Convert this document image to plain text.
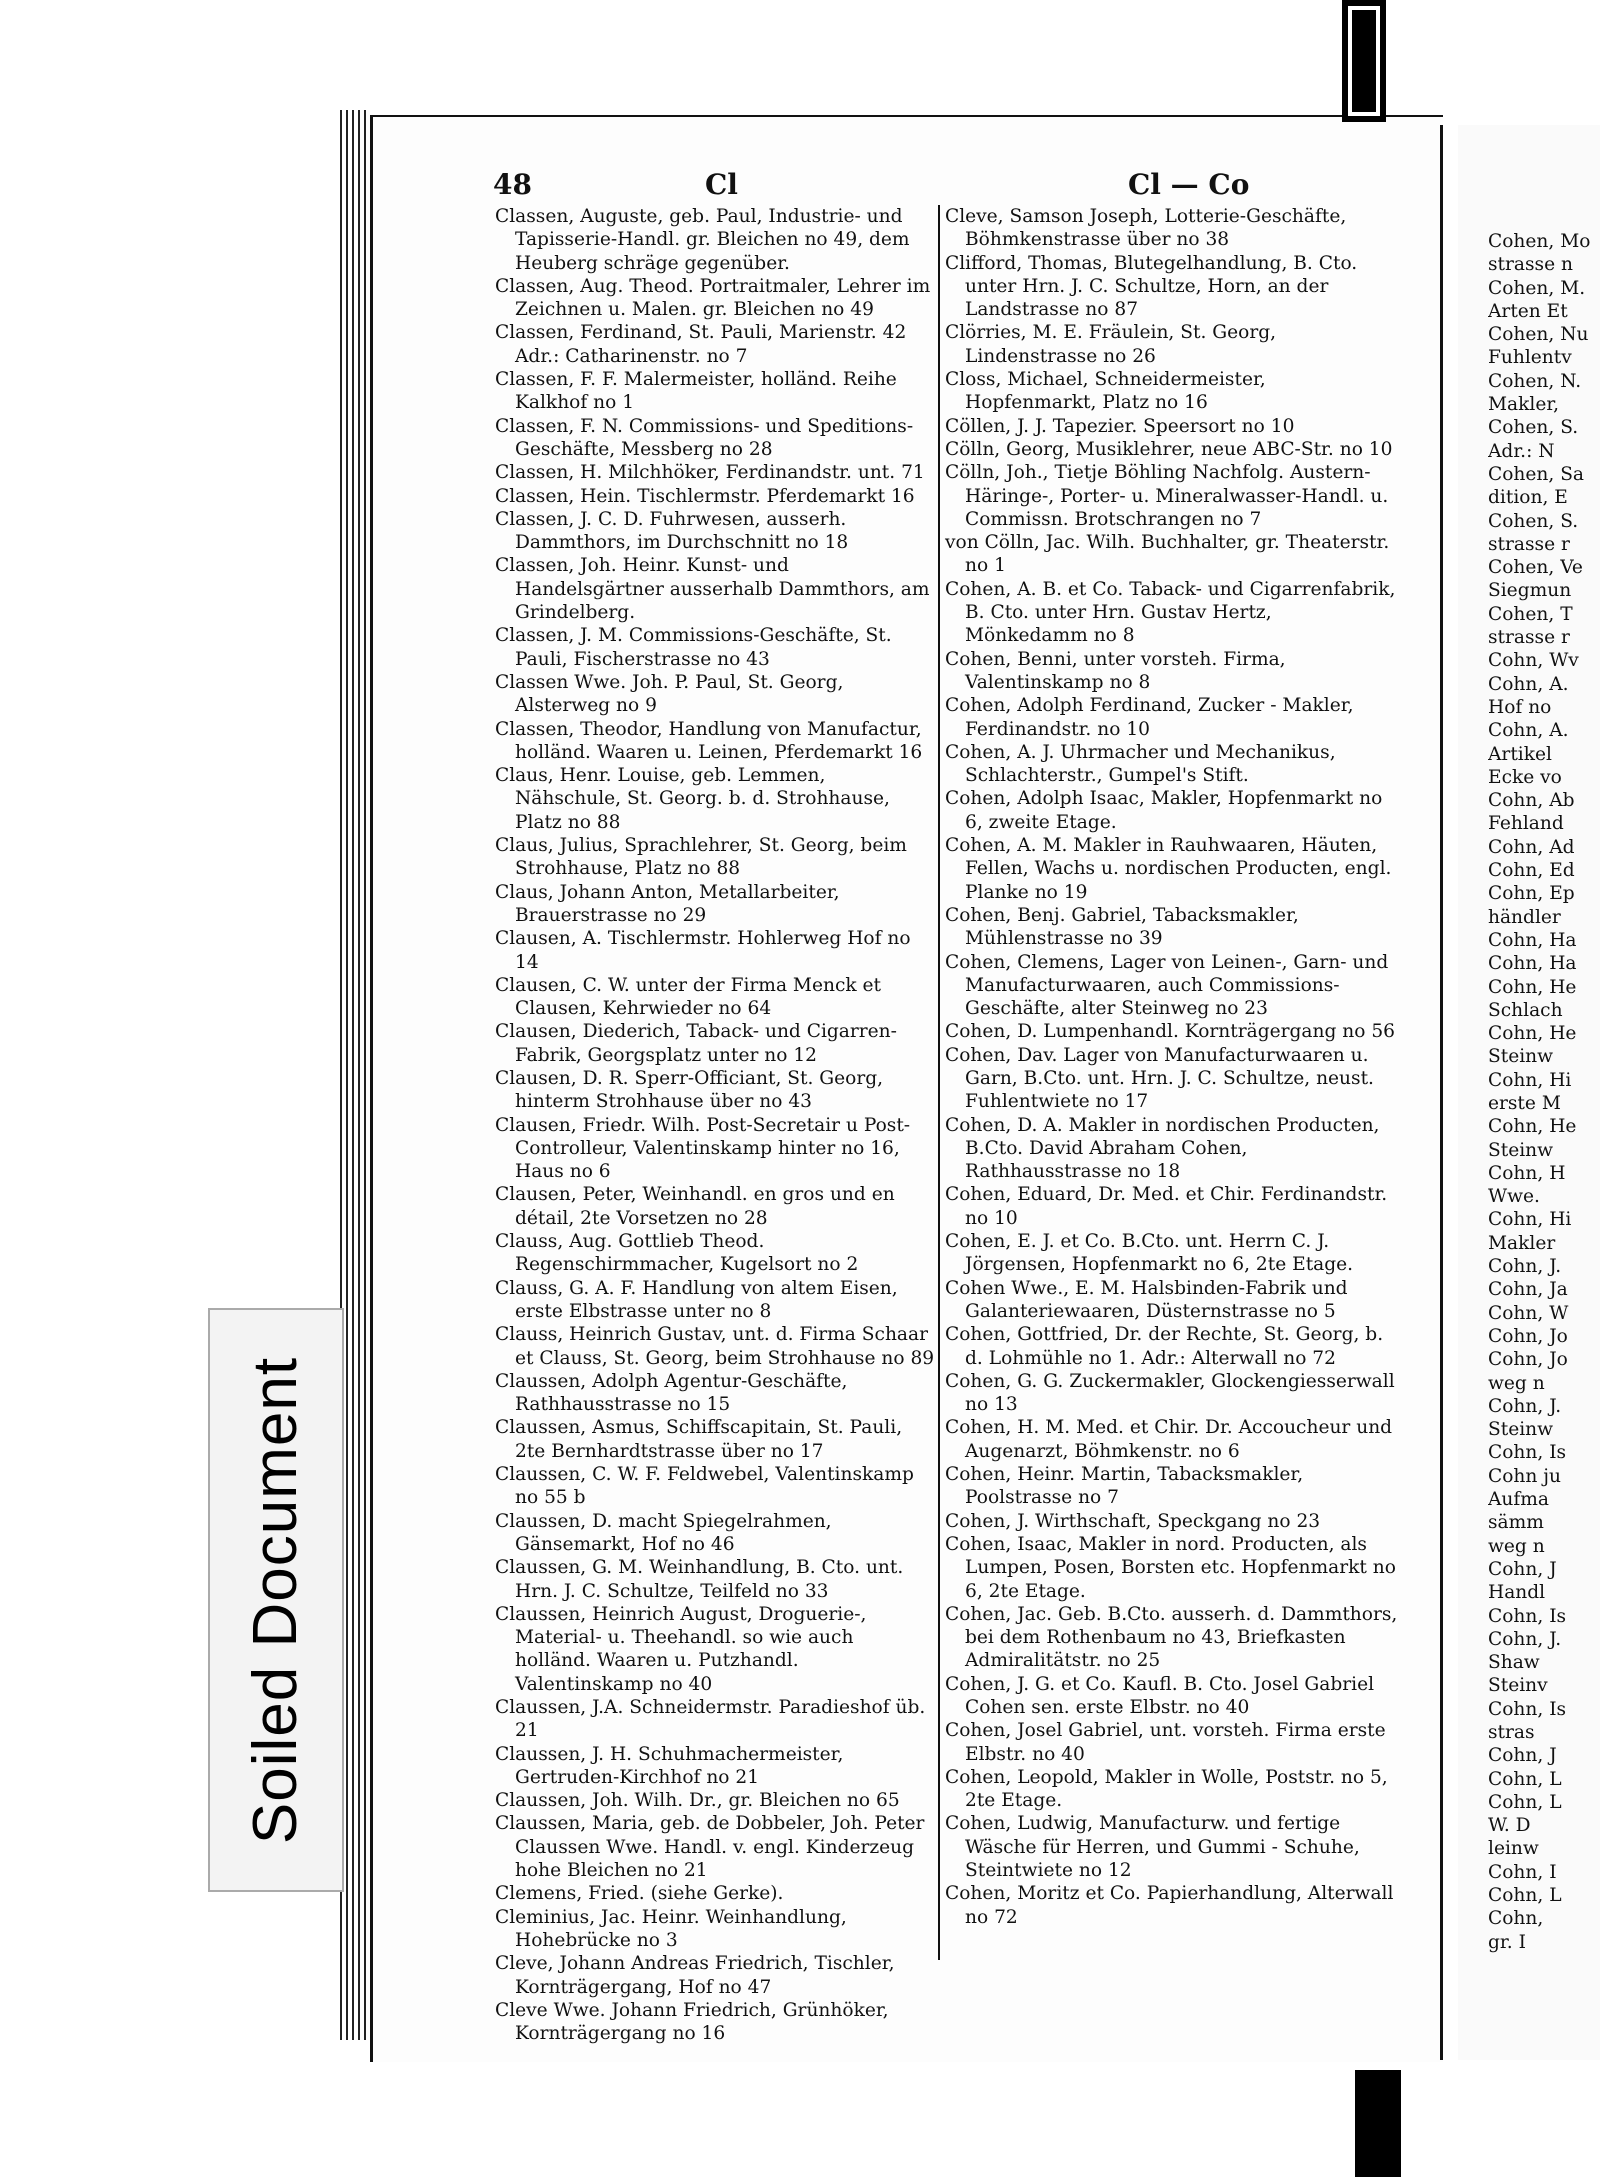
Soiled Document
48	Cl	Cl — Co
Classen, Auguste, geb. Paul, Industrie- und Tapisserie-Handl. gr. Bleichen no 49, dem Heuberg schräge gegenüber.
Classen, Aug. Theod. Portraitmaler, Lehrer im Zeichnen u. Malen. gr. Bleichen no 49
Classen, Ferdinand, St. Pauli, Marienstr. 42 Adr.: Catharinenstr. no 7
Classen, F. F. Malermeister, holländ. Reihe Kalkhof no 1
Classen, F. N. Commissions- und Speditions-Geschäfte, Messberg no 28
Classen, H. Milchhöker, Ferdinandstr. unt. 71
Classen, Hein. Tischlermstr. Pferdemarkt 16
Classen, J. C. D. Fuhrwesen, ausserh. Dammthors, im Durchschnitt no 18
Classen, Joh. Heinr. Kunst- und Handelsgärtner ausserhalb Dammthors, am Grindelberg.
Classen, J. M. Commissions-Geschäfte, St. Pauli, Fischerstrasse no 43
Classen Wwe. Joh. P. Paul, St. Georg, Alsterweg no 9
Classen, Theodor, Handlung von Manufactur, holländ. Waaren u. Leinen, Pferdemarkt 16
Claus, Henr. Louise, geb. Lemmen, Nähschule, St. Georg. b. d. Strohhause, Platz no 88
Claus, Julius, Sprachlehrer, St. Georg, beim Strohhause, Platz no 88
Claus, Johann Anton, Metallarbeiter, Brauerstrasse no 29
Clausen, A. Tischlermstr. Hohlerweg Hof no 14
Clausen, C. W. unter der Firma Menck et Clausen, Kehrwieder no 64
Clausen, Diederich, Taback- und Cigarren-Fabrik, Georgsplatz unter no 12
Clausen, D. R. Sperr-Officiant, St. Georg, hinterm Strohhause über no 43
Clausen, Friedr. Wilh. Post-Secretair u Post-Controlleur, Valentinskamp hinter no 16, Haus no 6
Clausen, Peter, Weinhandl. en gros und en détail, 2te Vorsetzen no 28
Clauss, Aug. Gottlieb Theod. Regenschirmmacher, Kugelsort no 2
Clauss, G. A. F. Handlung von altem Eisen, erste Elbstrasse unter no 8
Clauss, Heinrich Gustav, unt. d. Firma Schaar et Clauss, St. Georg, beim Strohhause no 89
Claussen, Adolph Agentur-Geschäfte, Rathhausstrasse no 15
Claussen, Asmus, Schiffscapitain, St. Pauli, 2te Bernhardtstrasse über no 17
Claussen, C. W. F. Feldwebel, Valentinskamp no 55 b
Claussen, D. macht Spiegelrahmen, Gänsemarkt, Hof no 46
Claussen, G. M. Weinhandlung, B. Cto. unt. Hrn. J. C. Schultze, Teilfeld no 33
Claussen, Heinrich August, Droguerie-, Material- u. Theehandl. so wie auch holländ. Waaren u. Putzhandl. Valentinskamp no 40
Claussen, J.A. Schneidermstr. Paradieshof üb. 21
Claussen, J. H. Schuhmachermeister, Gertruden-Kirchhof no 21
Claussen, Joh. Wilh. Dr., gr. Bleichen no 65
Claussen, Maria, geb. de Dobbeler, Joh. Peter Claussen Wwe. Handl. v. engl. Kinderzeug hohe Bleichen no 21
Clemens, Fried. (siehe Gerke).
Cleminius, Jac. Heinr. Weinhandlung, Hohebrücke no 3
Cleve, Johann Andreas Friedrich, Tischler, Kornträgergang, Hof no 47
Cleve Wwe. Johann Friedrich, Grünhöker, Kornträgergang no 16
Cleve, Samson Joseph, Lotterie-Geschäfte, Böhmkenstrasse über no 38
Clifford, Thomas, Blutegelhandlung, B. Cto. unter Hrn. J. C. Schultze, Horn, an der Landstrasse no 87
Clörries, M. E. Fräulein, St. Georg, Lindenstrasse no 26
Closs, Michael, Schneidermeister, Hopfenmarkt, Platz no 16
Cöllen, J. J. Tapezier. Speersort no 10
Cölln, Georg, Musiklehrer, neue ABC-Str. no 10
Cölln, Joh., Tietje Böhling Nachfolg. Austern-Häringe-, Porter- u. Mineralwasser-Handl. u. Commissn. Brotschrangen no 7
von Cölln, Jac. Wilh. Buchhalter, gr. Theaterstr. no 1
Cohen, A. B. et Co. Taback- und Cigarrenfabrik, B. Cto. unter Hrn. Gustav Hertz, Mönkedamm no 8
Cohen, Benni, unter vorsteh. Firma, Valentinskamp no 8
Cohen, Adolph Ferdinand, Zucker - Makler, Ferdinandstr. no 10
Cohen, A. J. Uhrmacher und Mechanikus, Schlachterstr., Gumpel's Stift.
Cohen, Adolph Isaac, Makler, Hopfenmarkt no 6, zweite Etage.
Cohen, A. M. Makler in Rauhwaaren, Häuten, Fellen, Wachs u. nordischen Producten, engl. Planke no 19
Cohen, Benj. Gabriel, Tabacksmakler, Mühlenstrasse no 39
Cohen, Clemens, Lager von Leinen-, Garn- und Manufacturwaaren, auch Commissions-Geschäfte, alter Steinweg no 23
Cohen, D. Lumpenhandl. Kornträgergang no 56
Cohen, Dav. Lager von Manufacturwaaren u. Garn, B.Cto. unt. Hrn. J. C. Schultze, neust. Fuhlentwiete no 17
Cohen, D. A. Makler in nordischen Producten, B.Cto. David Abraham Cohen, Rathhausstrasse no 18
Cohen, Eduard, Dr. Med. et Chir. Ferdinandstr. no 10
Cohen, E. J. et Co. B.Cto. unt. Herrn C. J. Jörgensen, Hopfenmarkt no 6, 2te Etage.
Cohen Wwe., E. M. Halsbinden-Fabrik und Galanteriewaaren, Düsternstrasse no 5
Cohen, Gottfried, Dr. der Rechte, St. Georg, b. d. Lohmühle no 1. Adr.: Alterwall no 72
Cohen, G. G. Zuckermakler, Glockengiesserwall no 13
Cohen, H. M. Med. et Chir. Dr. Accoucheur und Augenarzt, Böhmkenstr. no 6
Cohen, Heinr. Martin, Tabacksmakler, Poolstrasse no 7
Cohen, J. Wirthschaft, Speckgang no 23
Cohen, Isaac, Makler in nord. Producten, als Lumpen, Posen, Borsten etc. Hopfenmarkt no 6, 2te Etage.
Cohen, Jac. Geb. B.Cto. ausserh. d. Dammthors, bei dem Rothenbaum no 43, Briefkasten Admiralitätstr. no 25
Cohen, J. G. et Co. Kaufl. B. Cto. Josel Gabriel Cohen sen. erste Elbstr. no 40
Cohen, Josel Gabriel, unt. vorsteh. Firma erste Elbstr. no 40
Cohen, Leopold, Makler in Wolle, Poststr. no 5, 2te Etage.
Cohen, Ludwig, Manufacturw. und fertige Wäsche für Herren, und Gummi - Schuhe, Steintwiete no 12
Cohen, Moritz et Co. Papierhandlung, Alterwall no 72
Cohen, Mo
strasse n
Cohen, M.
Arten Et
Cohen, Nu
Fuhlentv
Cohen, N.
Makler,
Cohen, S.
Adr.: N
Cohen, Sa
dition, E
Cohen, S.
strasse r
Cohen, Ve
Siegmun
Cohen, T
strasse r
Cohn, Wv
Cohn, A.
Hof no
Cohn, A.
Artikel
Ecke vo
Cohn, Ab
Fehland
Cohn, Ad
Cohn, Ed
Cohn, Ep
händler
Cohn, Ha
Cohn, Ha
Cohn, He
Schlach
Cohn, He
Steinw
Cohn, Hi
erste M
Cohn, He
Steinw
Cohn, H
Wwe.
Cohn, Hi
Makler
Cohn, J.
Cohn, Ja
Cohn, W
Cohn, Jo
Cohn, Jo
weg n
Cohn, J.
Steinw
Cohn, Is
Cohn ju
Aufma
sämm
weg n
Cohn, J
Handl
Cohn, Is
Cohn, J.
Shaw
Steinv
Cohn, Is
stras
Cohn, J
Cohn, L
Cohn, L
W. D
leinw
Cohn, I
Cohn, L
Cohn,
gr. I
